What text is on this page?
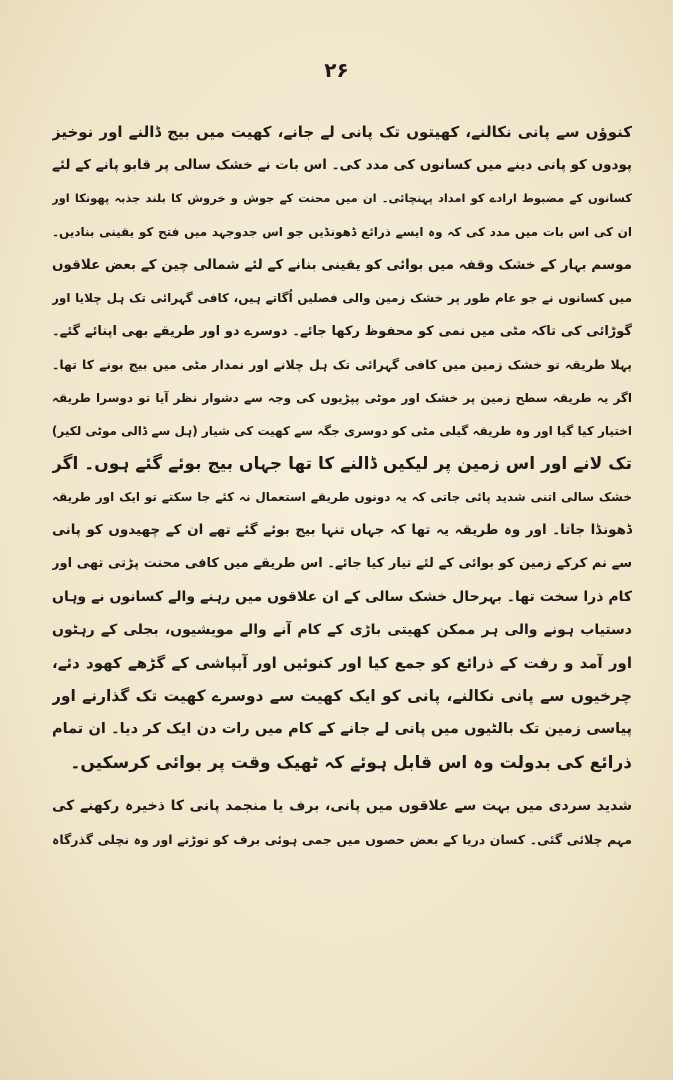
۲۶
کنوؤں سے پانی نکالنے، کھیتوں تک پانی لے جانے، کھیت میں بیج ڈالنے اور نوخیز
پودوں کو پانی دینے میں کسانوں کی مدد کی۔ اس بات نے خشک سالی پر قابو پانے کے لئے
کسانوں کے مضبوط ارادے کو امداد پہنچائی۔ ان میں محنت کے جوش و خروش کا بلند جذبہ پھونکا اور
ان کی اس بات میں مدد کی کہ وہ ایسے ذرائع ڈھونڈیں جو اس جدوجہد میں فتح کو یقینی بنادیں۔
موسم بہار کے خشک وقفہ میں بوائی کو یقینی بنانے کے لئے شمالی چین کے بعض علاقوں
میں کسانوں نے جو عام طور پر خشک زمین والی فصلیں اُگاتے ہیں، کافی گہرائی تک ہل چلایا اور
گوڑائی کی تاکہ مٹی میں نمی کو محفوظ رکھا جائے۔ دوسرے دو اور طریقے بھی اپنائے گئے۔
پہلا طریقہ تو خشک زمین میں کافی گہرائی تک ہل چلانے اور نمدار مٹی میں بیج بونے کا تھا۔
اگر یہ طریقہ سطح زمین پر خشک اور موٹی پپڑیوں کی وجہ سے دشوار نظر آیا تو دوسرا طریقہ
اختیار کیا گیا اور وہ طریقہ گیلی مٹی کو دوسری جگہ سے کھیت کی شیار (ہل سے ڈالی موٹی لکیر)
تک لانے اور اس زمین پر لیکیں ڈالنے کا تھا جہاں بیج بوئے گئے ہوں۔ اگر
خشک سالی اتنی شدید پائی جاتی کہ یہ دونوں طریقے استعمال نہ کئے جا سکتے تو ایک اور طریقہ
ڈھونڈا جاتا۔ اور وہ طریقہ یہ تھا کہ جہاں تنہا بیج بوئے گئے تھے ان کے چھیدوں کو پانی
سے نم کرکے زمین کو بوائی کے لئے تیار کیا جائے۔ اس طریقے میں کافی محنت پڑتی تھی اور
کام ذرا سخت تھا۔ بہرحال خشک سالی کے ان علاقوں میں رہنے والے کسانوں نے وہاں
دستیاب ہونے والی ہر ممکن کھیتی باڑی کے کام آنے والے مویشیوں، بجلی کے رہٹوں
اور آمد و رفت کے ذرائع کو جمع کیا اور کنوئیں اور آبپاشی کے گڑھے کھود دئے،
چرخیوں سے پانی نکالنے، پانی کو ایک کھیت سے دوسرے کھیت تک گذارنے اور
پیاسی زمین تک بالٹیوں میں پانی لے جانے کے کام میں رات دن ایک کر دیا۔ ان تمام
ذرائع کی بدولت وہ اس قابل ہوئے کہ ٹھیک وقت پر بوائی کرسکیں۔
شدید سردی میں بہت سے علاقوں میں پانی، برف یا منجمد پانی کا ذخیرہ رکھنے کی
مہم چلائی گئی۔ کسان دریا کے بعض حصوں میں جمی ہوئی برف کو توڑتے اور وہ نچلی گذرگاہ
